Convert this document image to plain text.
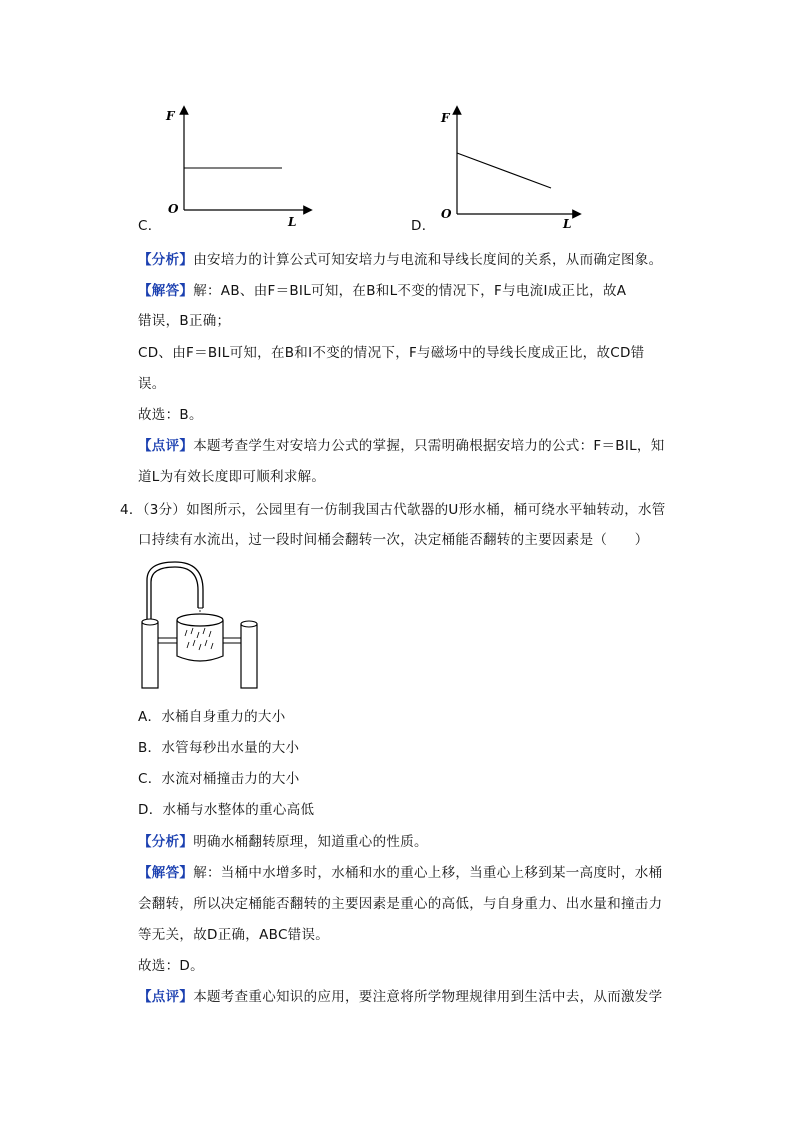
F
O
L
C．
F
O
L
D．
【分析】由安培力的计算公式可知安培力与电流和导线长度间的关系，从而确定图象。
【解答】解：AB、由F＝BIL可知，在B和L不变的情况下，F与电流I成正比，故A
错误，B正确；
CD、由F＝BIL可知，在B和I不变的情况下，F与磁场中的导线长度成正比，故CD错
误。
故选：B。
【点评】本题考查学生对安培力公式的掌握，只需明确根据安培力的公式：F＝BIL，知
道L为有效长度即可顺利求解。
4．（3分）如图所示，公园里有一仿制我国古代欹器的U形水桶，桶可绕水平轴转动，水管
口持续有水流出，过一段时间桶会翻转一次，决定桶能否翻转的主要因素是（　　）
A．水桶自身重力的大小
B．水管每秒出水量的大小
C．水流对桶撞击力的大小
D．水桶与水整体的重心高低
【分析】明确水桶翻转原理，知道重心的性质。
【解答】解：当桶中水增多时，水桶和水的重心上移，当重心上移到某一高度时，水桶
会翻转，所以决定桶能否翻转的主要因素是重心的高低，与自身重力、出水量和撞击力
等无关，故D正确，ABC错误。
故选：D。
【点评】本题考查重心知识的应用，要注意将所学物理规律用到生活中去，从而激发学
